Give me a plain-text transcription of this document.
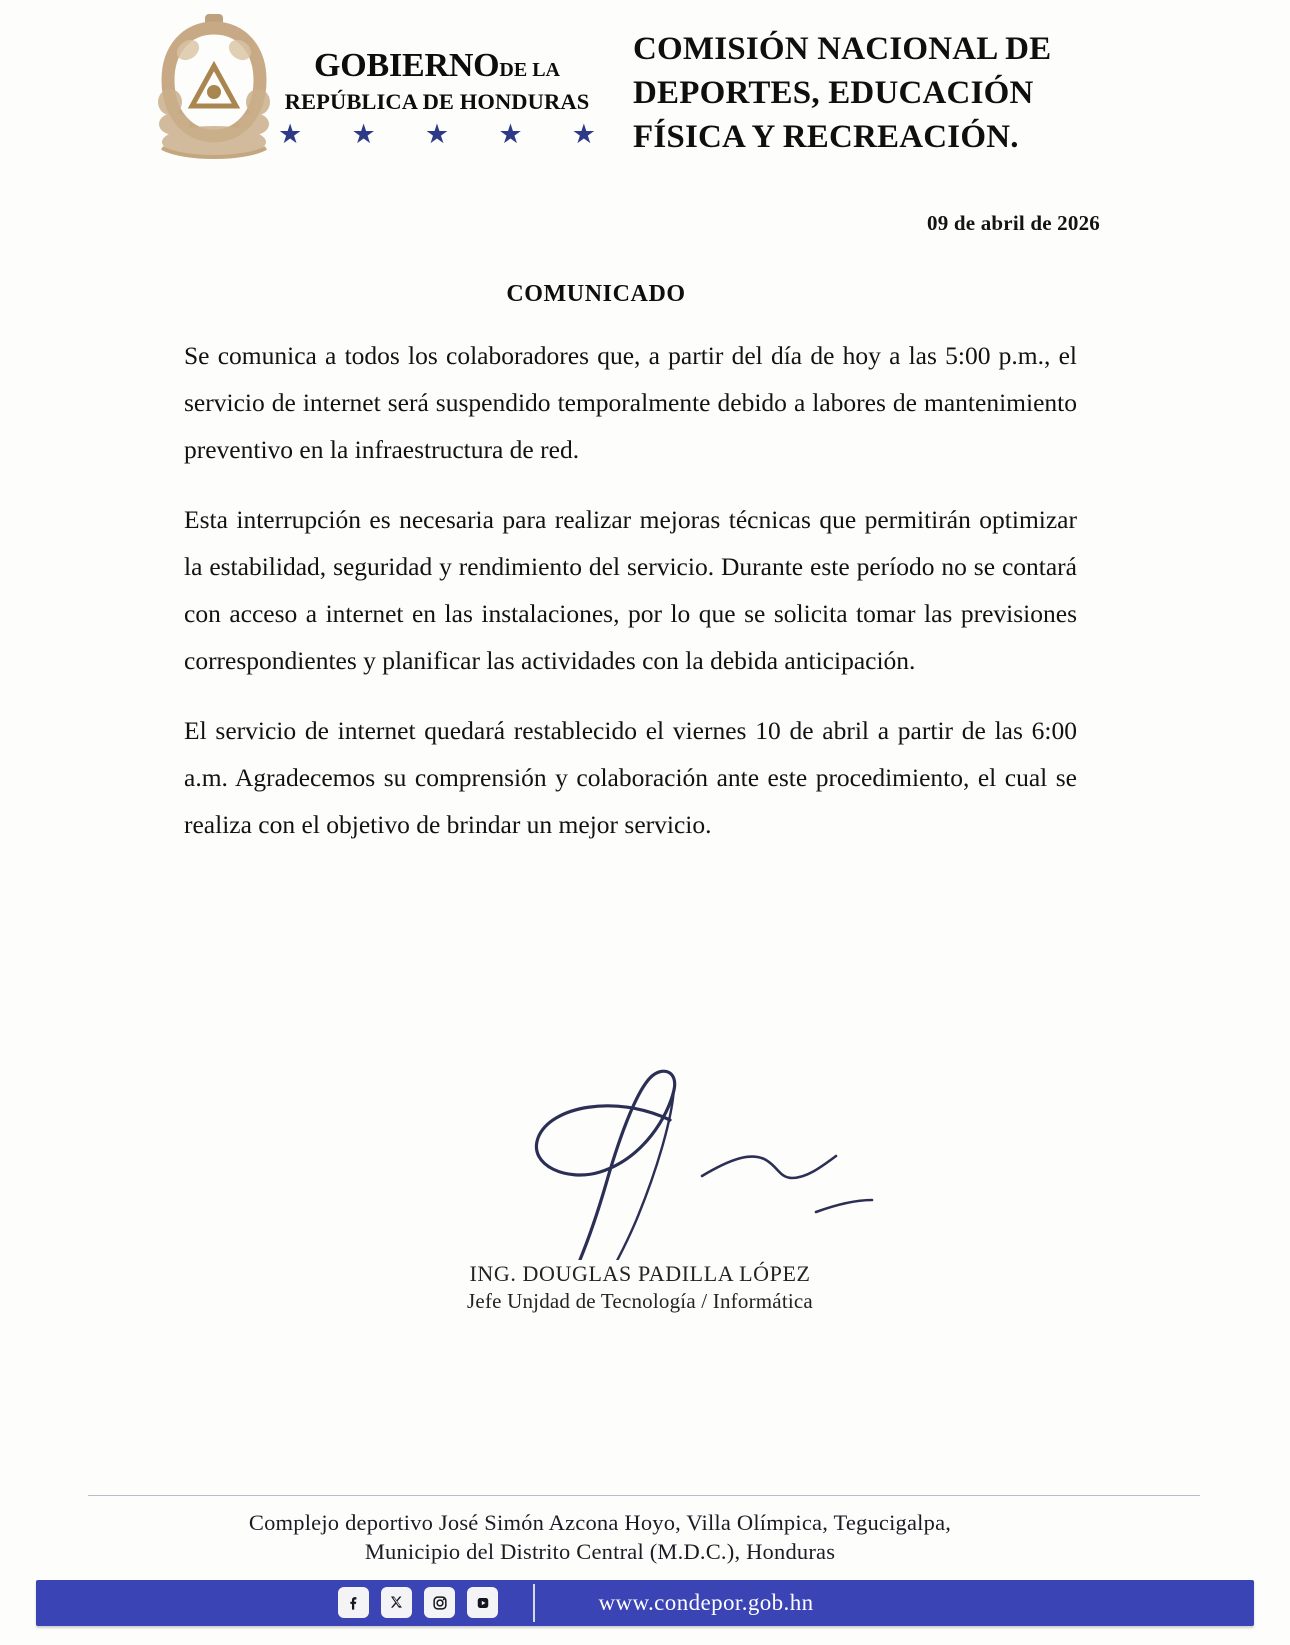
GOBIERNODE LA
REPÚBLICA DE HONDURAS
★ ★ ★ ★ ★
COMISIÓN NACIONAL DE
DEPORTES, EDUCACIÓN
FÍSICA Y RECREACIÓN.
09 de abril de 2026
COMUNICADO

Se comunica a todos los colaboradores que, a partir del día de hoy a las 5:00 p.m., el servicio de internet será suspendido temporalmente debido a labores de mantenimiento preventivo en la infraestructura de red.

Esta interrupción es necesaria para realizar mejoras técnicas que permitirán optimizar la estabilidad, seguridad y rendimiento del servicio. Durante este período no se contará con acceso a internet en las instalaciones, por lo que se solicita tomar las previsiones correspondientes y planificar las actividades con la debida anticipación.

El servicio de internet quedará restablecido el viernes 10 de abril a partir de las 6:00 a.m. Agradecemos su comprensión y colaboración ante este procedimiento, el cual se realiza con el objetivo de brindar un mejor servicio.

ING. DOUGLAS PADILLA LÓPEZ
Jefe Unjdad de Tecnología / Informática
Complejo deportivo José Simón Azcona Hoyo, Villa Olímpica, Tegucigalpa,
Municipio del Distrito Central (M.D.C.), Honduras
www.condepor.gob.hn
